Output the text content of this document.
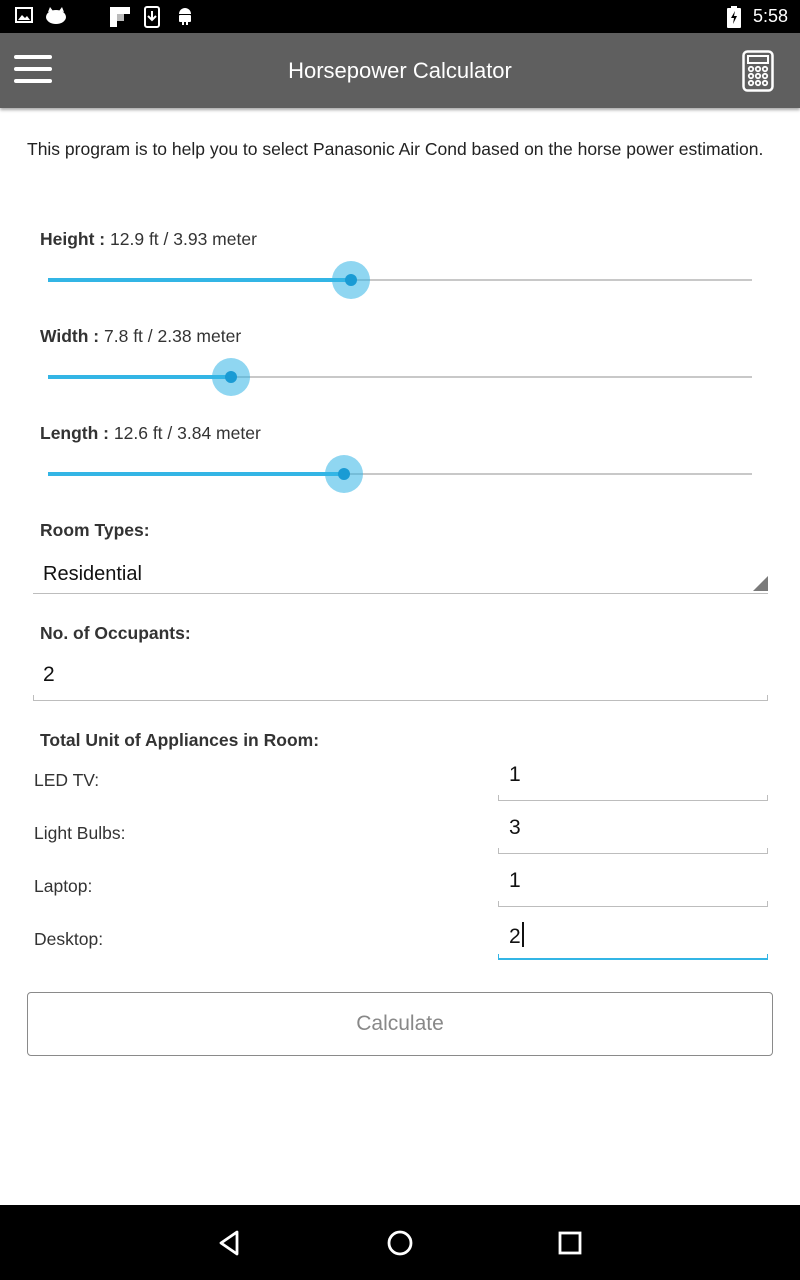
5:58
Horsepower Calculator
This program is to help you to select Panasonic Air Cond based on the horse power estimation.
Height : 12.9 ft / 3.93 meter
Width : 7.8 ft / 2.38 meter
Length : 12.6 ft / 3.84 meter
Room Types:
Residential
No. of Occupants:
2
Total Unit of Appliances in Room:
LED TV:	1
Light Bulbs:	3
Laptop:	1
Desktop:	2
Calculate
